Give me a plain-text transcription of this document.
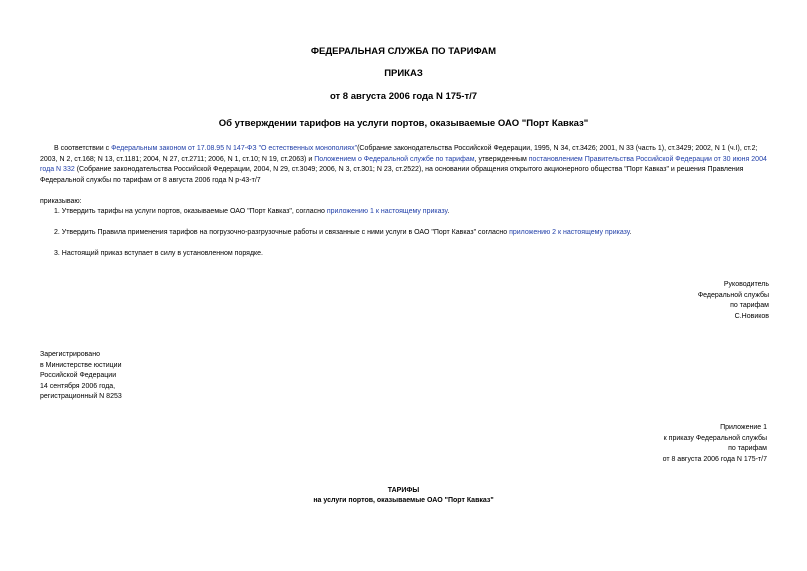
ФЕДЕРАЛЬНАЯ СЛУЖБА ПО ТАРИФАМ
ПРИКАЗ
от 8 августа 2006 года N 175-т/7
Об утверждении тарифов на услуги портов, оказываемые ОАО "Порт Кавказ"
В соответствии с Федеральным законом от 17.08.95 N 147-ФЗ "О естественных монополиях"(Собрание законодательства Российской Федерации, 1995, N 34, ст.3426; 2001, N 33 (часть 1), ст.3429; 2002, N 1 (ч.I), ст.2; 2003, N 2, ст.168; N 13, ст.1181; 2004, N 27, ст.2711; 2006, N 1, ст.10; N 19, ст.2063) и Положением о Федеральной службе по тарифам, утвержденным постановлением Правительства Российской Федерации от 30 июня 2004 года N 332 (Собрание законодательства Российской Федерации, 2004, N 29, ст.3049; 2006, N 3, ст.301; N 23, ст.2522), на основании обращения открытого акционерного общества "Порт Кавказ" и решения Правления Федеральной службы по тарифам от 8 августа 2006 года N р-43-т/7
приказываю:
1. Утвердить тарифы на услуги портов, оказываемые ОАО "Порт Кавказ", согласно приложению 1 к настоящему приказу.
2. Утвердить Правила применения тарифов на погрузочно-разгрузочные работы и связанные с ними услуги в ОАО "Порт Кавказ" согласно приложению 2 к настоящему приказу.
3. Настоящий приказ вступает в силу в установленном порядке.
Руководитель
Федеральной службы
по тарифам
С.Новиков
Зарегистрировано
в Министерстве юстиции
Российской Федерации
14 сентября 2006 года,
регистрационный N 8253
Приложение 1
к приказу Федеральной службы
по тарифам
от 8 августа 2006 года N 175-т/7
ТАРИФЫ
на услуги портов, оказываемые ОАО "Порт Кавказ"
